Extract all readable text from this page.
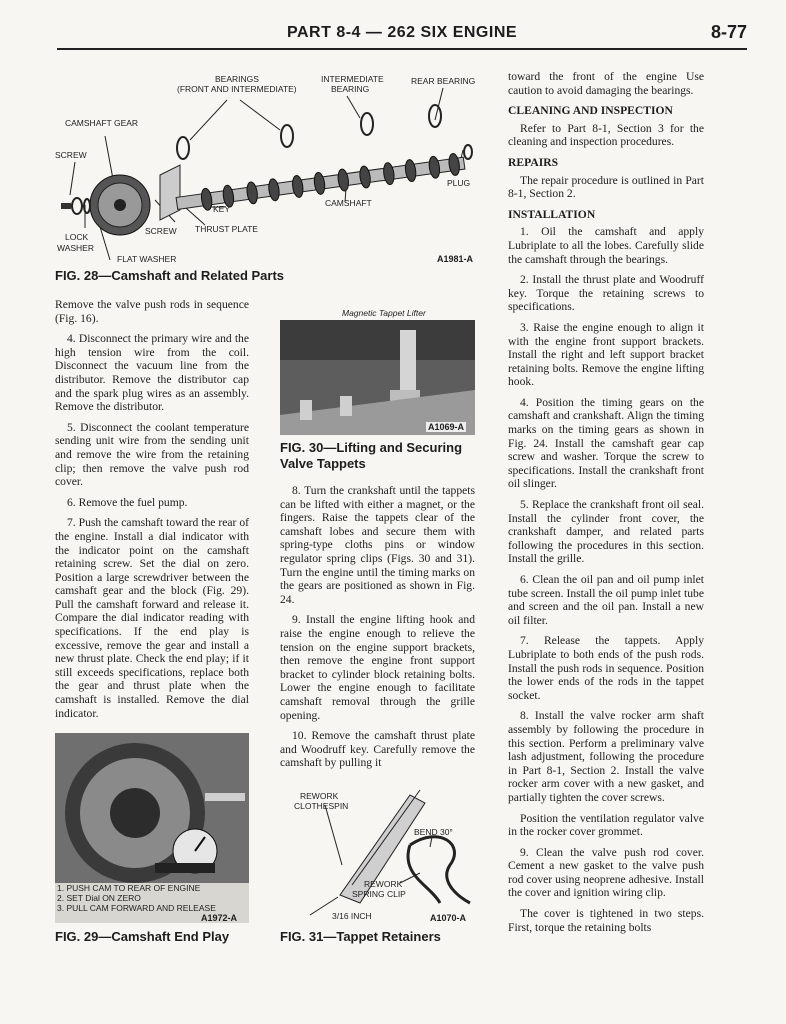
PART 8-4 — 262 SIX ENGINE	8-77
BEARINGS
(FRONT AND INTERMEDIATE)
INTERMEDIATE
BEARING
REAR BEARING
CAMSHAFT GEAR
SCREW
KEY
PLUG
CAMSHAFT
SCREW THRUST PLATE
LOCK
WASHER
FLAT WASHER	A1981-A
FIG. 28—Camshaft and Related Parts

Remove the valve push rods in sequence (Fig. 16).

4. Disconnect the primary wire and the high tension wire from the coil. Disconnect the vacuum line from the distributor. Remove the distributor cap and the spark plug wires as an assembly. Remove the distributor.

5. Disconnect the coolant temperature sending unit wire from the sending unit and remove the wire from the retaining clip; then remove the valve push rod cover.

6. Remove the fuel pump.

7. Push the camshaft toward the rear of the engine. Install a dial indicator with the indicator point on the camshaft retaining screw. Set the dial on zero. Position a large screwdriver between the camshaft gear and the block (Fig. 29). Pull the camshaft forward and release it. Compare the dial indicator reading with specifications. If the end play is excessive, remove the gear and install a new thrust plate. Check the end play; if it still exceeds specifications, replace both the gear and thrust plate when the camshaft is installed. Remove the dial indicator.

1. PUSH CAM TO REAR OF ENGINE
2. SET Dial ON ZERO
3. PULL CAM FORWARD AND RELEASE
A1972-A
FIG. 29—Camshaft End Play
Magnetic Tappet Lifter
A1069-A
FIG. 30—Lifting and Securing Valve Tappets

8. Turn the crankshaft until the tappets can be lifted with either a magnet, or the fingers. Raise the tappets clear of the camshaft lobes and secure them with spring-type cloths pins or window regulator spring clips (Figs. 30 and 31). Turn the engine until the timing marks on the gears are positioned as shown in Fig. 24.

9. Install the engine lifting hook and raise the engine enough to relieve the tension on the engine support brackets, then remove the engine front support bracket to cylinder block retaining bolts. Lower the engine enough to facilitate camshaft removal through the grille opening.

10. Remove the camshaft thrust plate and Woodruff key. Carefully remove the camshaft by pulling it

REWORK
CLOTHESPIN
BEND 30°
REWORK
SPRING CLIP
3/16 INCH	A1070-A
FIG. 31—Tappet Retainers

toward the front of the engine Use caution to avoid damaging the bearings.

CLEANING AND INSPECTION

Refer to Part 8-1, Section 3 for the cleaning and inspection procedures.

REPAIRS

The repair procedure is outlined in Part 8-1, Section 2.

INSTALLATION

1. Oil the camshaft and apply Lubriplate to all the lobes. Carefully slide the camshaft through the bearings.

2. Install the thrust plate and Woodruff key. Torque the retaining screws to specifications.

3. Raise the engine enough to align it with the engine front support brackets. Install the right and left support bracket retaining bolts. Remove the engine lifting hook.

4. Position the timing gears on the camshaft and crankshaft. Align the timing marks on the timing gears as shown in Fig. 24. Install the camshaft gear cap screw and washer. Torque the screw to specifications. Install the crankshaft front oil slinger.

5. Replace the crankshaft front oil seal. Install the cylinder front cover, the crankshaft damper, and related parts following the procedures in this section. Install the grille.

6. Clean the oil pan and oil pump inlet tube screen. Install the oil pump inlet tube and screen and the oil pan. Install a new oil filter.

7. Release the tappets. Apply Lubriplate to both ends of the push rods. Install the push rods in sequence. Position the lower ends of the rods in the tappet socket.

8. Install the valve rocker arm shaft assembly by following the procedure in this section. Perform a preliminary valve lash adjustment, following the procedure in Part 8-1, Section 2. Install the valve rocker arm cover with a new gasket, and partially tighten the cover screws.

Position the ventilation regulator valve in the rocker cover grommet.

9. Clean the valve push rod cover. Cement a new gasket to the valve push rod cover using neoprene adhesive. Install the cover and ignition wiring clip.

The cover is tightened in two steps. First, torque the retaining bolts
